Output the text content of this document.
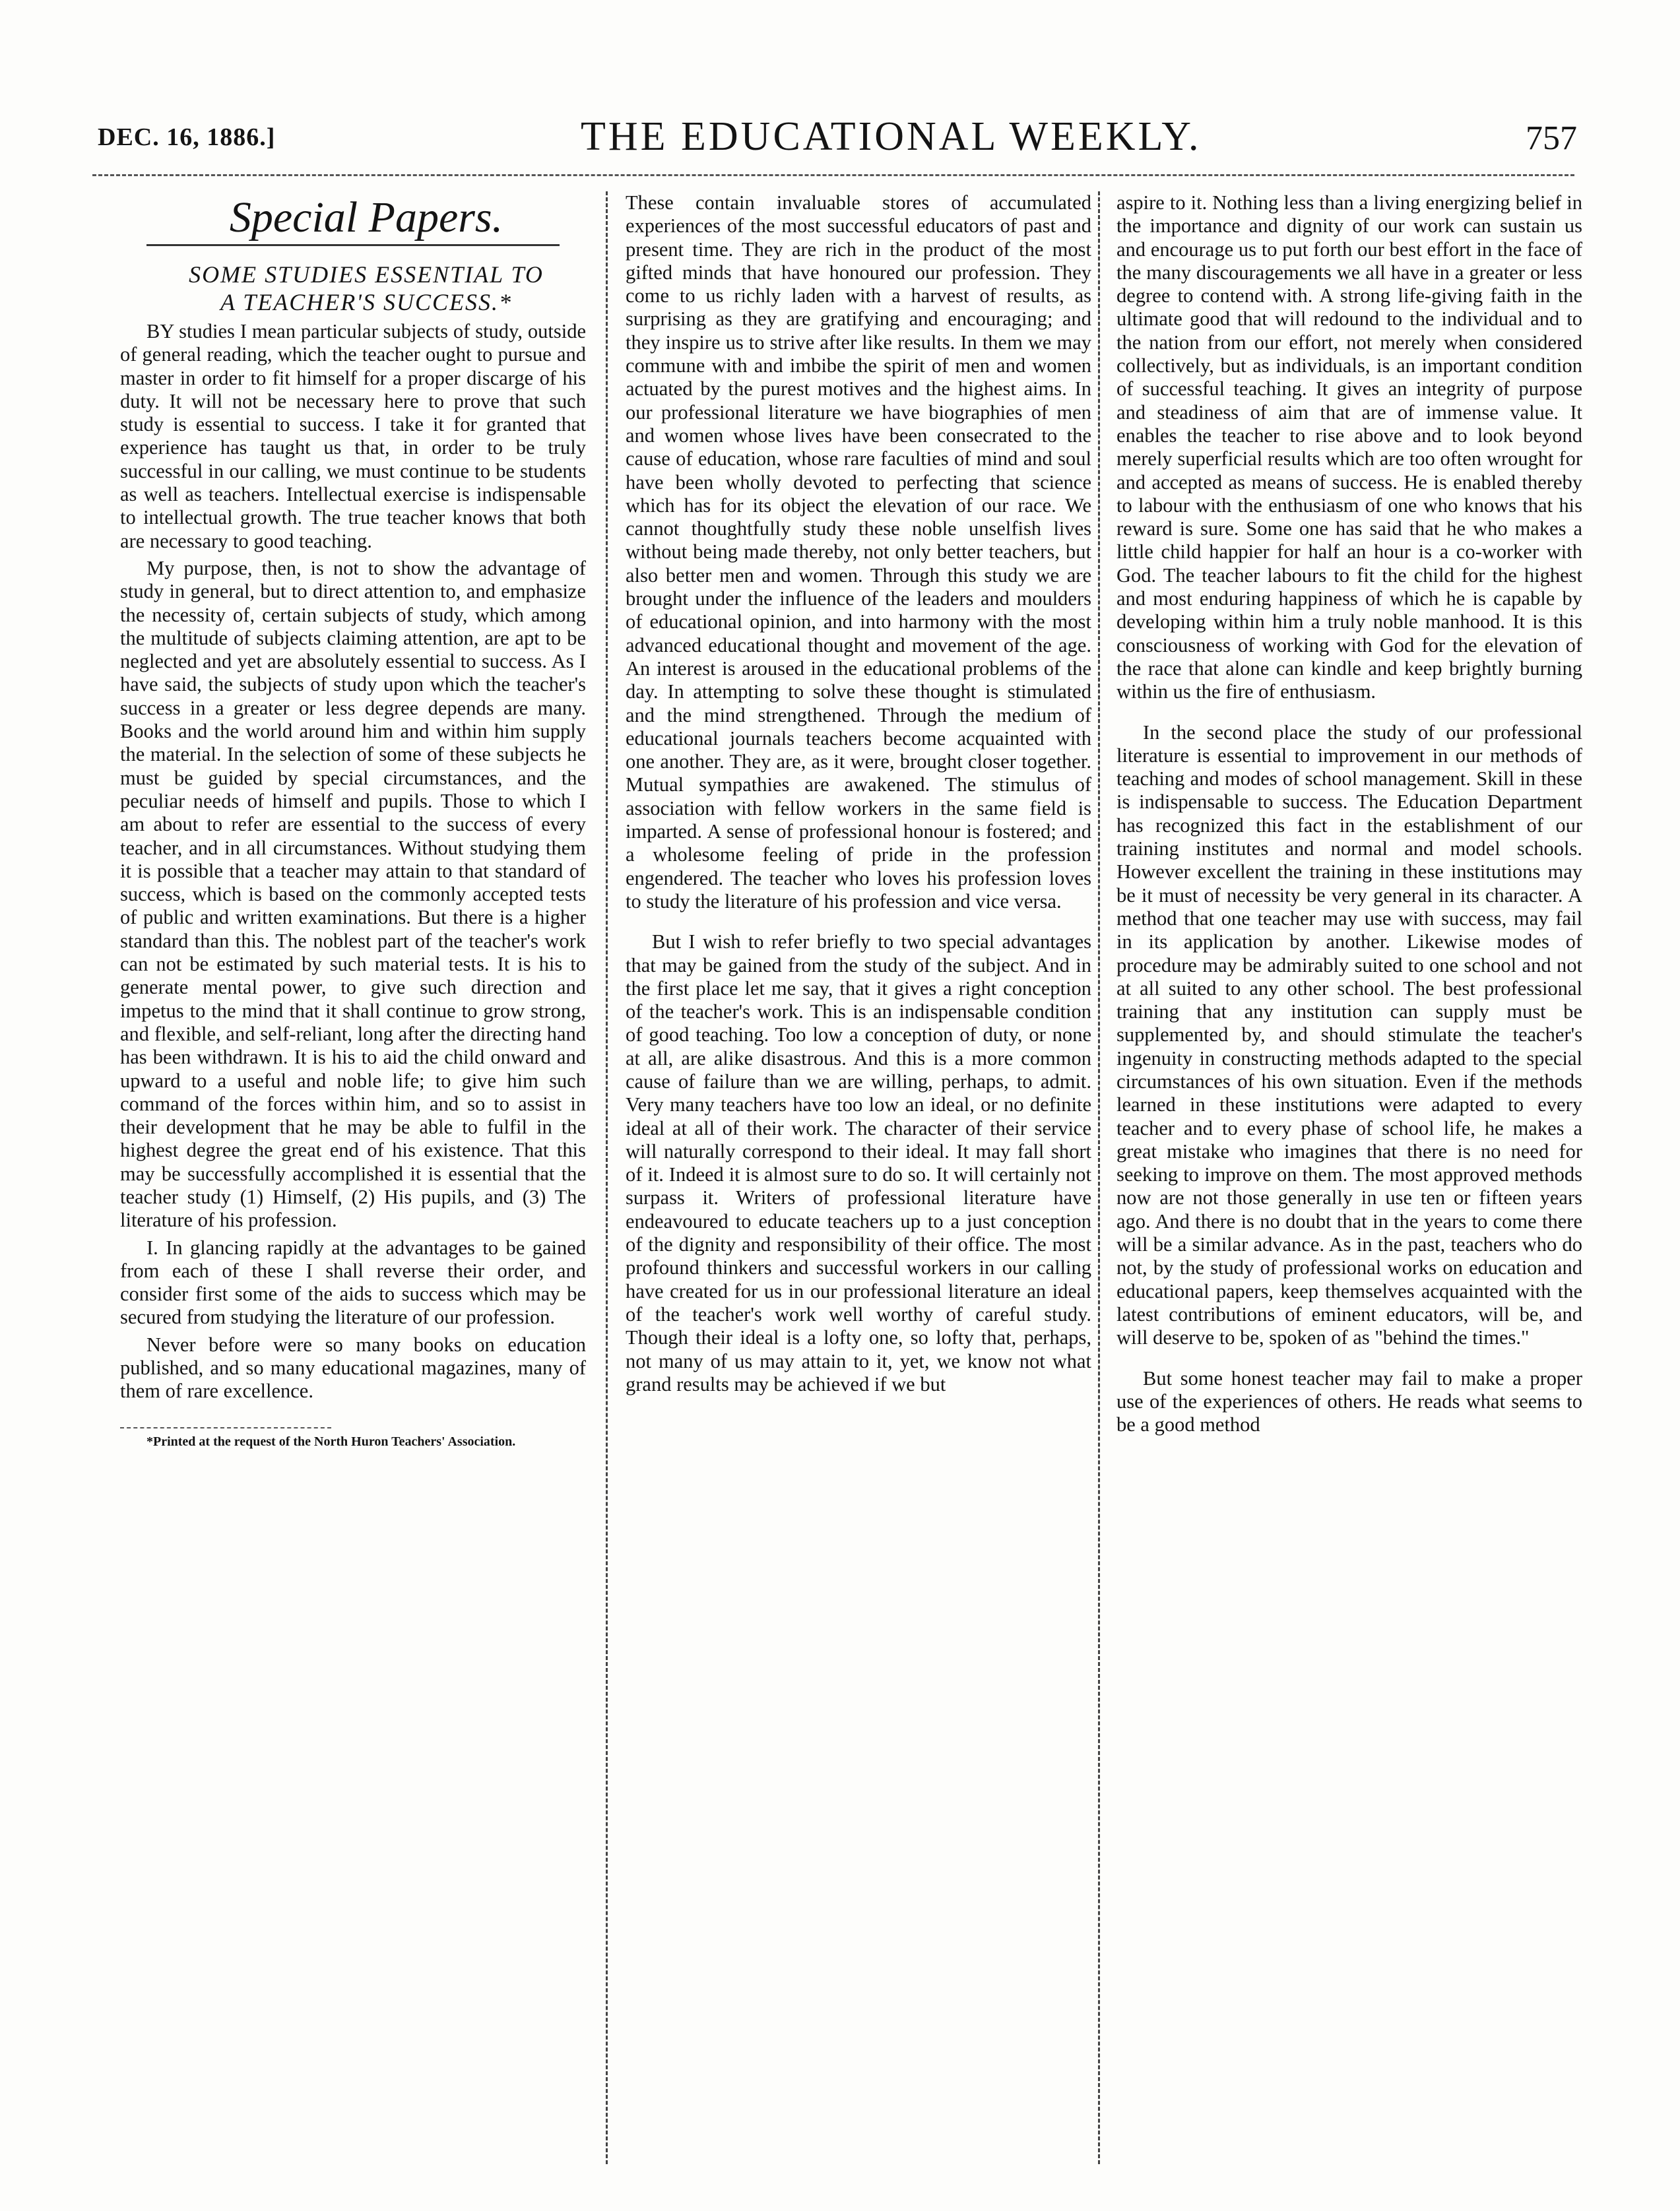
DEC. 16, 1886.]	THE EDUCATIONAL WEEKLY.	757

Special Papers.

SOME STUDIES ESSENTIAL TO
A TEACHER'S SUCCESS.*

BY studies I mean particular subjects of study, outside of general reading, which the teacher ought to pursue and master in order to fit himself for a proper discarge of his duty. It will not be necessary here to prove that such study is essential to success. I take it for granted that experience has taught us that, in order to be truly successful in our calling, we must continue to be students as well as teachers. Intellectual exercise is indispensable to intellectual growth. The true teacher knows that both are necessary to good teaching.

My purpose, then, is not to show the advantage of study in general, but to direct attention to, and emphasize the necessity of, certain subjects of study, which among the multitude of subjects claiming attention, are apt to be neglected and yet are absolutely essential to success. As I have said, the subjects of study upon which the teacher's success in a greater or less degree depends are many. Books and the world around him and within him supply the material. In the selection of some of these subjects he must be guided by special circumstances, and the peculiar needs of himself and pupils. Those to which I am about to refer are essential to the success of every teacher, and in all circumstances. Without studying them it is possible that a teacher may attain to that standard of success, which is based on the commonly accepted tests of public and written examinations. But there is a higher standard than this. The noblest part of the teacher's work can not be estimated by such material tests. It is his to generate mental power, to give such direction and impetus to the mind that it shall continue to grow strong, and flexible, and self-reliant, long after the directing hand has been withdrawn. It is his to aid the child onward and upward to a useful and noble life; to give him such command of the forces within him, and so to assist in their development that he may be able to fulfil in the highest degree the great end of his existence. That this may be successfully accomplished it is essential that the teacher study (1) Himself, (2) His pupils, and (3) The literature of his profession.

I. In glancing rapidly at the advantages to be gained from each of these I shall reverse their order, and consider first some of the aids to success which may be secured from studying the literature of our profession.

Never before were so many books on education published, and so many educational magazines, many of them of rare excellence.

*Printed at the request of the North Huron Teachers' Association.

These contain invaluable stores of accumulated experiences of the most successful educators of past and present time. They are rich in the product of the most gifted minds that have honoured our profession. They come to us richly laden with a harvest of results, as surprising as they are gratifying and encouraging; and they inspire us to strive after like results. In them we may commune with and imbibe the spirit of men and women actuated by the purest motives and the highest aims. In our professional literature we have biographies of men and women whose lives have been consecrated to the cause of education, whose rare faculties of mind and soul have been wholly devoted to perfecting that science which has for its object the elevation of our race. We cannot thoughtfully study these noble unselfish lives without being made thereby, not only better teachers, but also better men and women. Through this study we are brought under the influence of the leaders and moulders of educational opinion, and into harmony with the most advanced educational thought and movement of the age. An interest is aroused in the educational problems of the day. In attempting to solve these thought is stimulated and the mind strengthened. Through the medium of educational journals teachers become acquainted with one another. They are, as it were, brought closer together. Mutual sympathies are awakened. The stimulus of association with fellow workers in the same field is imparted. A sense of professional honour is fostered; and a wholesome feeling of pride in the profession engendered. The teacher who loves his profession loves to study the literature of his profession and vice versa.

But I wish to refer briefly to two special advantages that may be gained from the study of the subject. And in the first place let me say, that it gives a right conception of the teacher's work. This is an indispensable condition of good teaching. Too low a conception of duty, or none at all, are alike disastrous. And this is a more common cause of failure than we are willing, perhaps, to admit. Very many teachers have too low an ideal, or no definite ideal at all of their work. The character of their service will naturally correspond to their ideal. It may fall short of it. Indeed it is almost sure to do so. It will certainly not surpass it. Writers of professional literature have endeavoured to educate teachers up to a just conception of the dignity and responsibility of their office. The most profound thinkers and successful workers in our calling have created for us in our professional literature an ideal of the teacher's work well worthy of careful study. Though their ideal is a lofty one, so lofty that, perhaps, not many of us may attain to it, yet, we know not what grand results may be achieved if we but

aspire to it. Nothing less than a living energizing belief in the importance and dignity of our work can sustain us and encourage us to put forth our best effort in the face of the many discouragements we all have in a greater or less degree to contend with. A strong life-giving faith in the ultimate good that will redound to the individual and to the nation from our effort, not merely when considered collectively, but as individuals, is an important condition of successful teaching. It gives an integrity of purpose and steadiness of aim that are of immense value. It enables the teacher to rise above and to look beyond merely superficial results which are too often wrought for and accepted as means of success. He is enabled thereby to labour with the enthusiasm of one who knows that his reward is sure. Some one has said that he who makes a little child happier for half an hour is a co-worker with God. The teacher labours to fit the child for the highest and most enduring happiness of which he is capable by developing within him a truly noble manhood. It is this consciousness of working with God for the elevation of the race that alone can kindle and keep brightly burning within us the fire of enthusiasm.

In the second place the study of our professional literature is essential to improvement in our methods of teaching and modes of school management. Skill in these is indispensable to success. The Education Department has recognized this fact in the establishment of our training institutes and normal and model schools. However excellent the training in these institutions may be it must of necessity be very general in its character. A method that one teacher may use with success, may fail in its application by another. Likewise modes of procedure may be admirably suited to one school and not at all suited to any other school. The best professional training that any institution can supply must be supplemented by, and should stimulate the teacher's ingenuity in constructing methods adapted to the special circumstances of his own situation. Even if the methods learned in these institutions were adapted to every teacher and to every phase of school life, he makes a great mistake who imagines that there is no need for seeking to improve on them. The most approved methods now are not those generally in use ten or fifteen years ago. And there is no doubt that in the years to come there will be a similar advance. As in the past, teachers who do not, by the study of professional works on education and educational papers, keep themselves acquainted with the latest contributions of eminent educators, will be, and will deserve to be, spoken of as "behind the times."

But some honest teacher may fail to make a proper use of the experiences of others. He reads what seems to be a good method
